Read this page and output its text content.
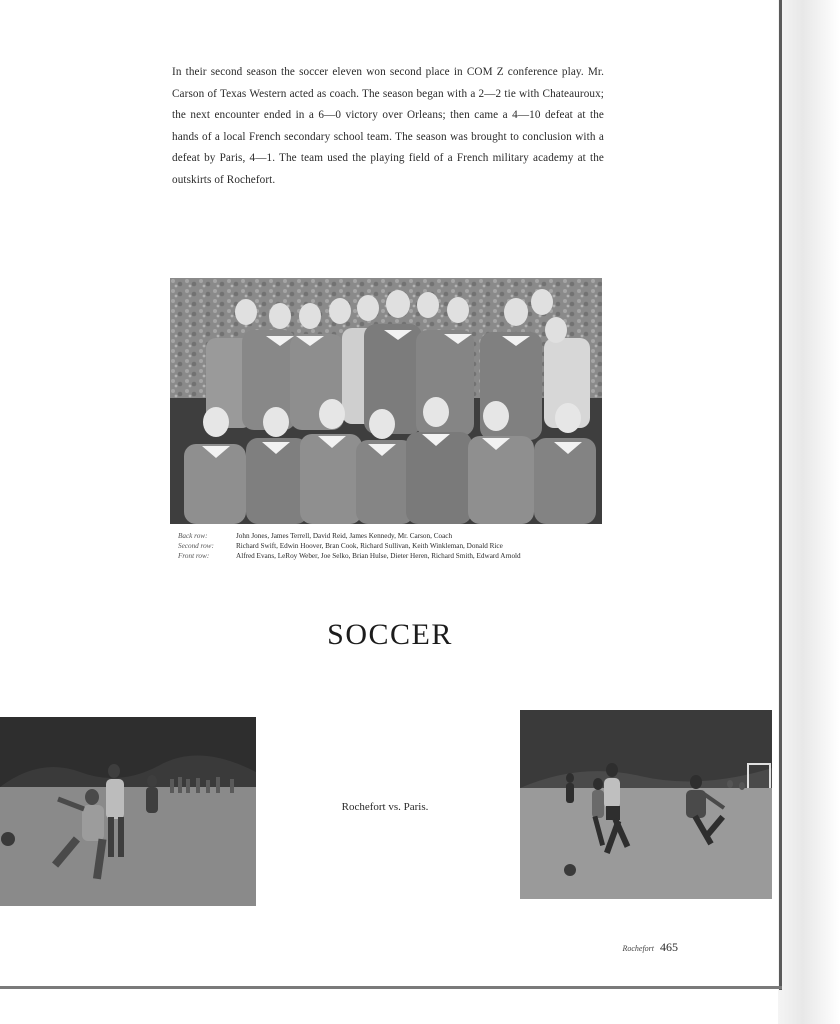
In their second season the soccer eleven won second place in COM Z conference play. Mr. Carson of Texas Western acted as coach. The season began with a 2—2 tie with Chateauroux; the next encounter ended in a 6—0 victory over Orleans; then came a 4—10 defeat at the hands of a local French secondary school team. The season was brought to conclusion with a defeat by Paris, 4—1. The team used the playing field of a French military academy at the outskirts of Rochefort.

Back row:	John Jones, James Terrell, David Reid, James Kennedy, Mr. Carson, Coach
Second row:	Richard Swift, Edwin Hoover, Bran Cook, Richard Sullivan, Keith Winkleman, Donald Rice
Front row:	Alfred Evans, LeRoy Weber, Joe Selko, Brian Hulse, Dieter Heren, Richard Smith, Edward Arnold
SOCCER
Rochefort vs. Paris.
Rochefort 465
